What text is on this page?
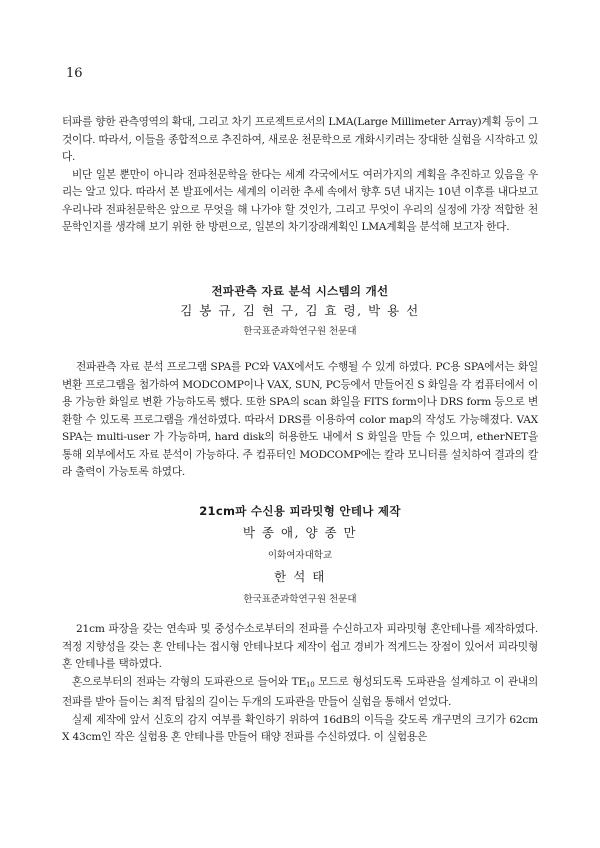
16

터파를 향한 관측영역의 확대, 그리고 차기 프로젝트로서의 LMA(Large Millimeter Array)계획 등이 그것이다. 따라서, 이들을 종합적으로 추진하여, 새로운 천문학으로 개화시키려는 장대한 실험을 시작하고 있다.

비단 일본 뿐만이 아니라 전파천문학을 한다는 세계 각국에서도 여러가지의 계획을 추진하고 있음을 우리는 알고 있다. 따라서 본 발표에서는 세계의 이러한 추세 속에서 향후 5년 내지는 10년 이후를 내다보고 우리나라 전파천문학은 앞으로 무엇을 해 나가야 할 것인가, 그리고 무엇이 우리의 실정에 가장 적합한 천문학인지를 생각해 보기 위한 한 방편으로, 일본의 차기장래계획인 LMA계획을 분석해 보고자 한다.

전파관측 자료 분석 시스템의 개선

김 봉 규, 김 현 구, 김 효 령, 박 용 선

한국표준과학연구원 천문대

전파관측 자료 분석 프로그램 SPA를 PC와 VAX에서도 수행될 수 있게 하였다. PC용 SPA에서는 화일 변환 프로그램을 첨가하여 MODCOMP이나 VAX, SUN, PC등에서 만들어진 S 화일을 각 컴퓨터에서 이용 가능한 화일로 변환 가능하도록 했다. 또한 SPA의 scan 화일을 FITS form이나 DRS form 등으로 변환할 수 있도록 프로그램을 개선하였다. 따라서 DRS를 이용하여 color map의 작성도 가능해졌다. VAX SPA는 multi-user 가 가능하며, hard disk의 허용한도 내에서 S 화일을 만들 수 있으며, etherNET을 통해 외부에서도 자료 분석이 가능하다. 주 컴퓨터인 MODCOMP에는 칼라 모니터를 설치하여 결과의 칼라 출력이 가능토록 하였다.

21cm파 수신용 피라밋형 안테나 제작

박 종 애, 양 종 만

이화여자대학교

한 석 태

한국표준과학연구원 천문대

21cm 파장을 갖는 연속파 및 중성수소로부터의 전파를 수신하고자 피라밋형 혼안테나를 제작하였다. 적정 지향성을 갖는 혼 안테나는 접시형 안테나보다 제작이 쉽고 경비가 적게드는 장점이 있어서 피라밋형 혼 안테나를 택하였다.

혼으로부터의 전파는 각형의 도파관으로 들어와 $TE_{10}$ 모드로 형성되도록 도파관을 설계하고 이 관내의 전파를 받아 들이는 최적 탐침의 길이는 두개의 도파관을 만들어 실험을 통해서 얻었다.

실제 제작에 앞서 신호의 감지 여부를 확인하기 위하여 16dB의 이득을 갖도록 개구면의 크기가 62cm X 43cm인 작은 실험용 혼 안테나를 만들어 태양 전파를 수신하였다. 이 실험용은
